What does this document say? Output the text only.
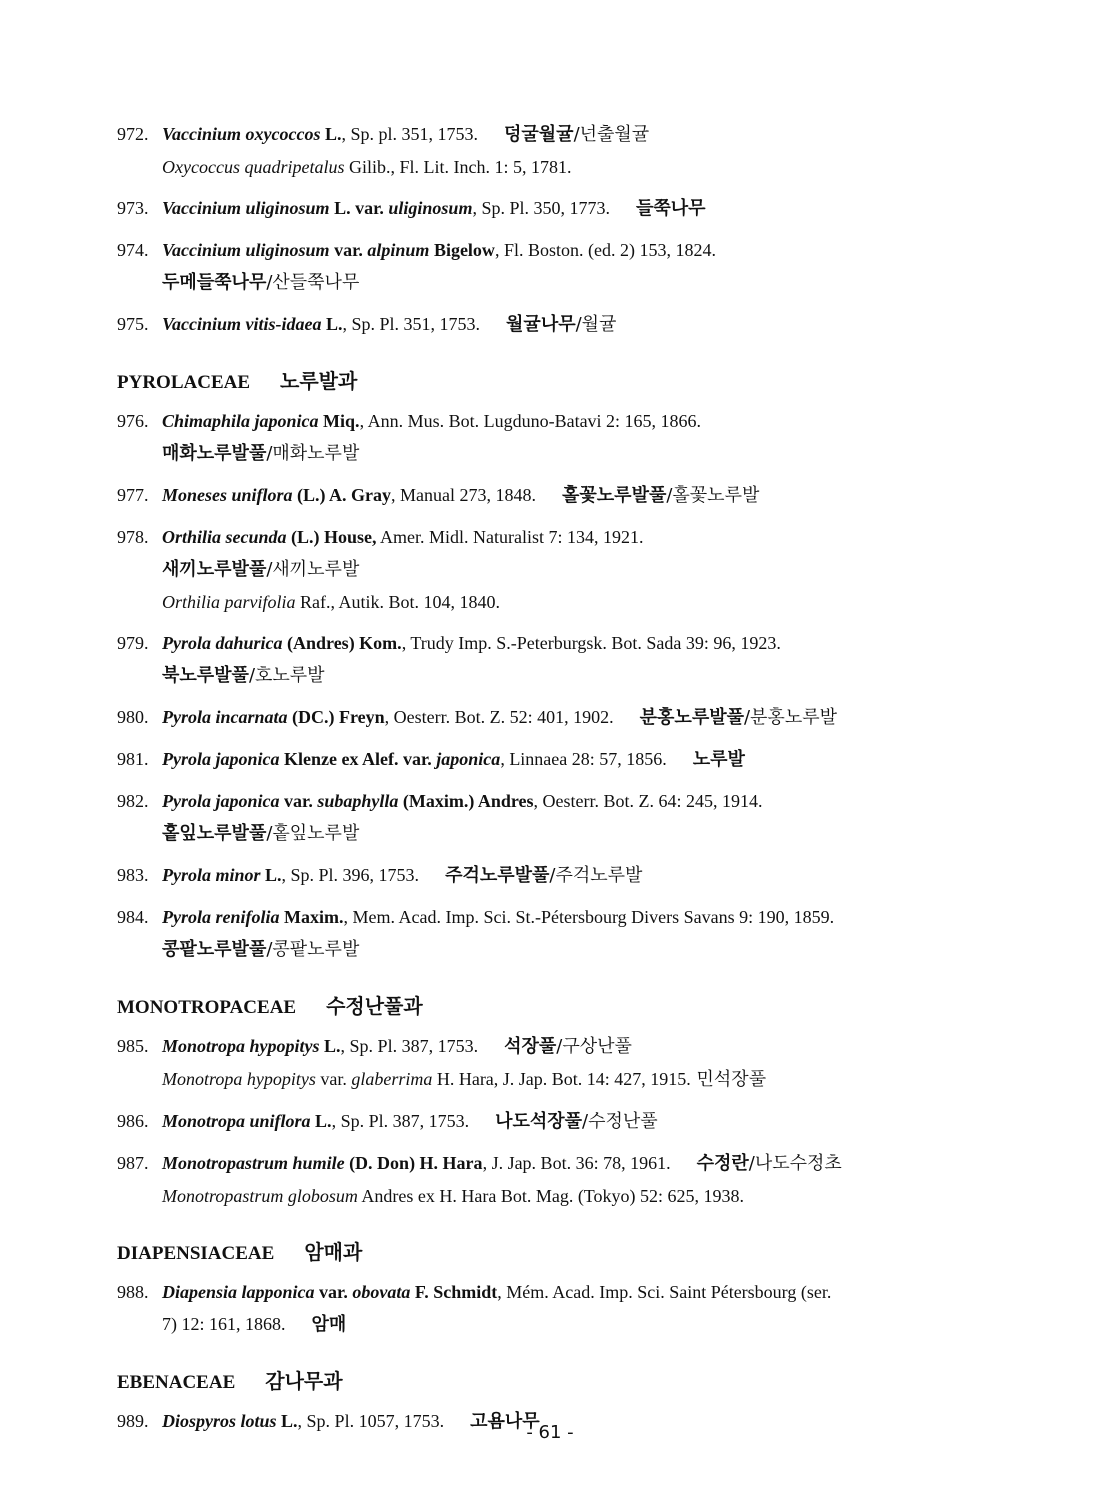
972. Vaccinium oxycoccos L., Sp. pl. 351, 1753. 덩굴월귤/넌출월귤
Oxycoccus quadripetalus Gilib., Fl. Lit. Inch. 1: 5, 1781.
973. Vaccinium uliginosum L. var. uliginosum, Sp. Pl. 350, 1773. 들쭉나무
974. Vaccinium uliginosum var. alpinum Bigelow, Fl. Boston. (ed. 2) 153, 1824.
두메들쭉나무/산들쭉나무
975. Vaccinium vitis-idaea L., Sp. Pl. 351, 1753. 월귤나무/월귤
PYROLACEAE 노루발과
976. Chimaphila japonica Miq., Ann. Mus. Bot. Lugduno-Batavi 2: 165, 1866.
매화노루발풀/매화노루발
977. Moneses uniflora (L.) A. Gray, Manual 273, 1848. 홀꽃노루발풀/홀꽃노루발
978. Orthilia secunda (L.) House, Amer. Midl. Naturalist 7: 134, 1921.
새끼노루발풀/새끼노루발
Orthilia parvifolia Raf., Autik. Bot. 104, 1840.
979. Pyrola dahurica (Andres) Kom., Trudy Imp. S.-Peterburgsk. Bot. Sada 39: 96, 1923.
북노루발풀/호노루발
980. Pyrola incarnata (DC.) Freyn, Oesterr. Bot. Z. 52: 401, 1902. 분홍노루발풀/분홍노루발
981. Pyrola japonica Klenze ex Alef. var. japonica, Linnaea 28: 57, 1856. 노루발
982. Pyrola japonica var. subaphylla (Maxim.) Andres, Oesterr. Bot. Z. 64: 245, 1914.
홑잎노루발풀/홑잎노루발
983. Pyrola minor L., Sp. Pl. 396, 1753. 주걱노루발풀/주걱노루발
984. Pyrola renifolia Maxim., Mem. Acad. Imp. Sci. St.-Pétersbourg Divers Savans 9: 190, 1859.
콩팥노루발풀/콩팥노루발
MONOTROPACEAE 수정난풀과
985. Monotropa hypopitys L., Sp. Pl. 387, 1753. 석장풀/구상난풀
Monotropa hypopitys var. glaberrima H. Hara, J. Jap. Bot. 14: 427, 1915. 민석장풀
986. Monotropa uniflora L., Sp. Pl. 387, 1753. 나도석장풀/수정난풀
987. Monotropastrum humile (D. Don) H. Hara, J. Jap. Bot. 36: 78, 1961. 수정란/나도수정초
Monotropastrum globosum Andres ex H. Hara Bot. Mag. (Tokyo) 52: 625, 1938.
DIAPENSIACEAE 암매과
988. Diapensia lapponica var. obovata F. Schmidt, Mém. Acad. Imp. Sci. Saint Pétersbourg (ser.
7) 12: 161, 1868. 암매
EBENACEAE 감나무과
989. Diospyros lotus L., Sp. Pl. 1057, 1753. 고욤나무
- 61 -
